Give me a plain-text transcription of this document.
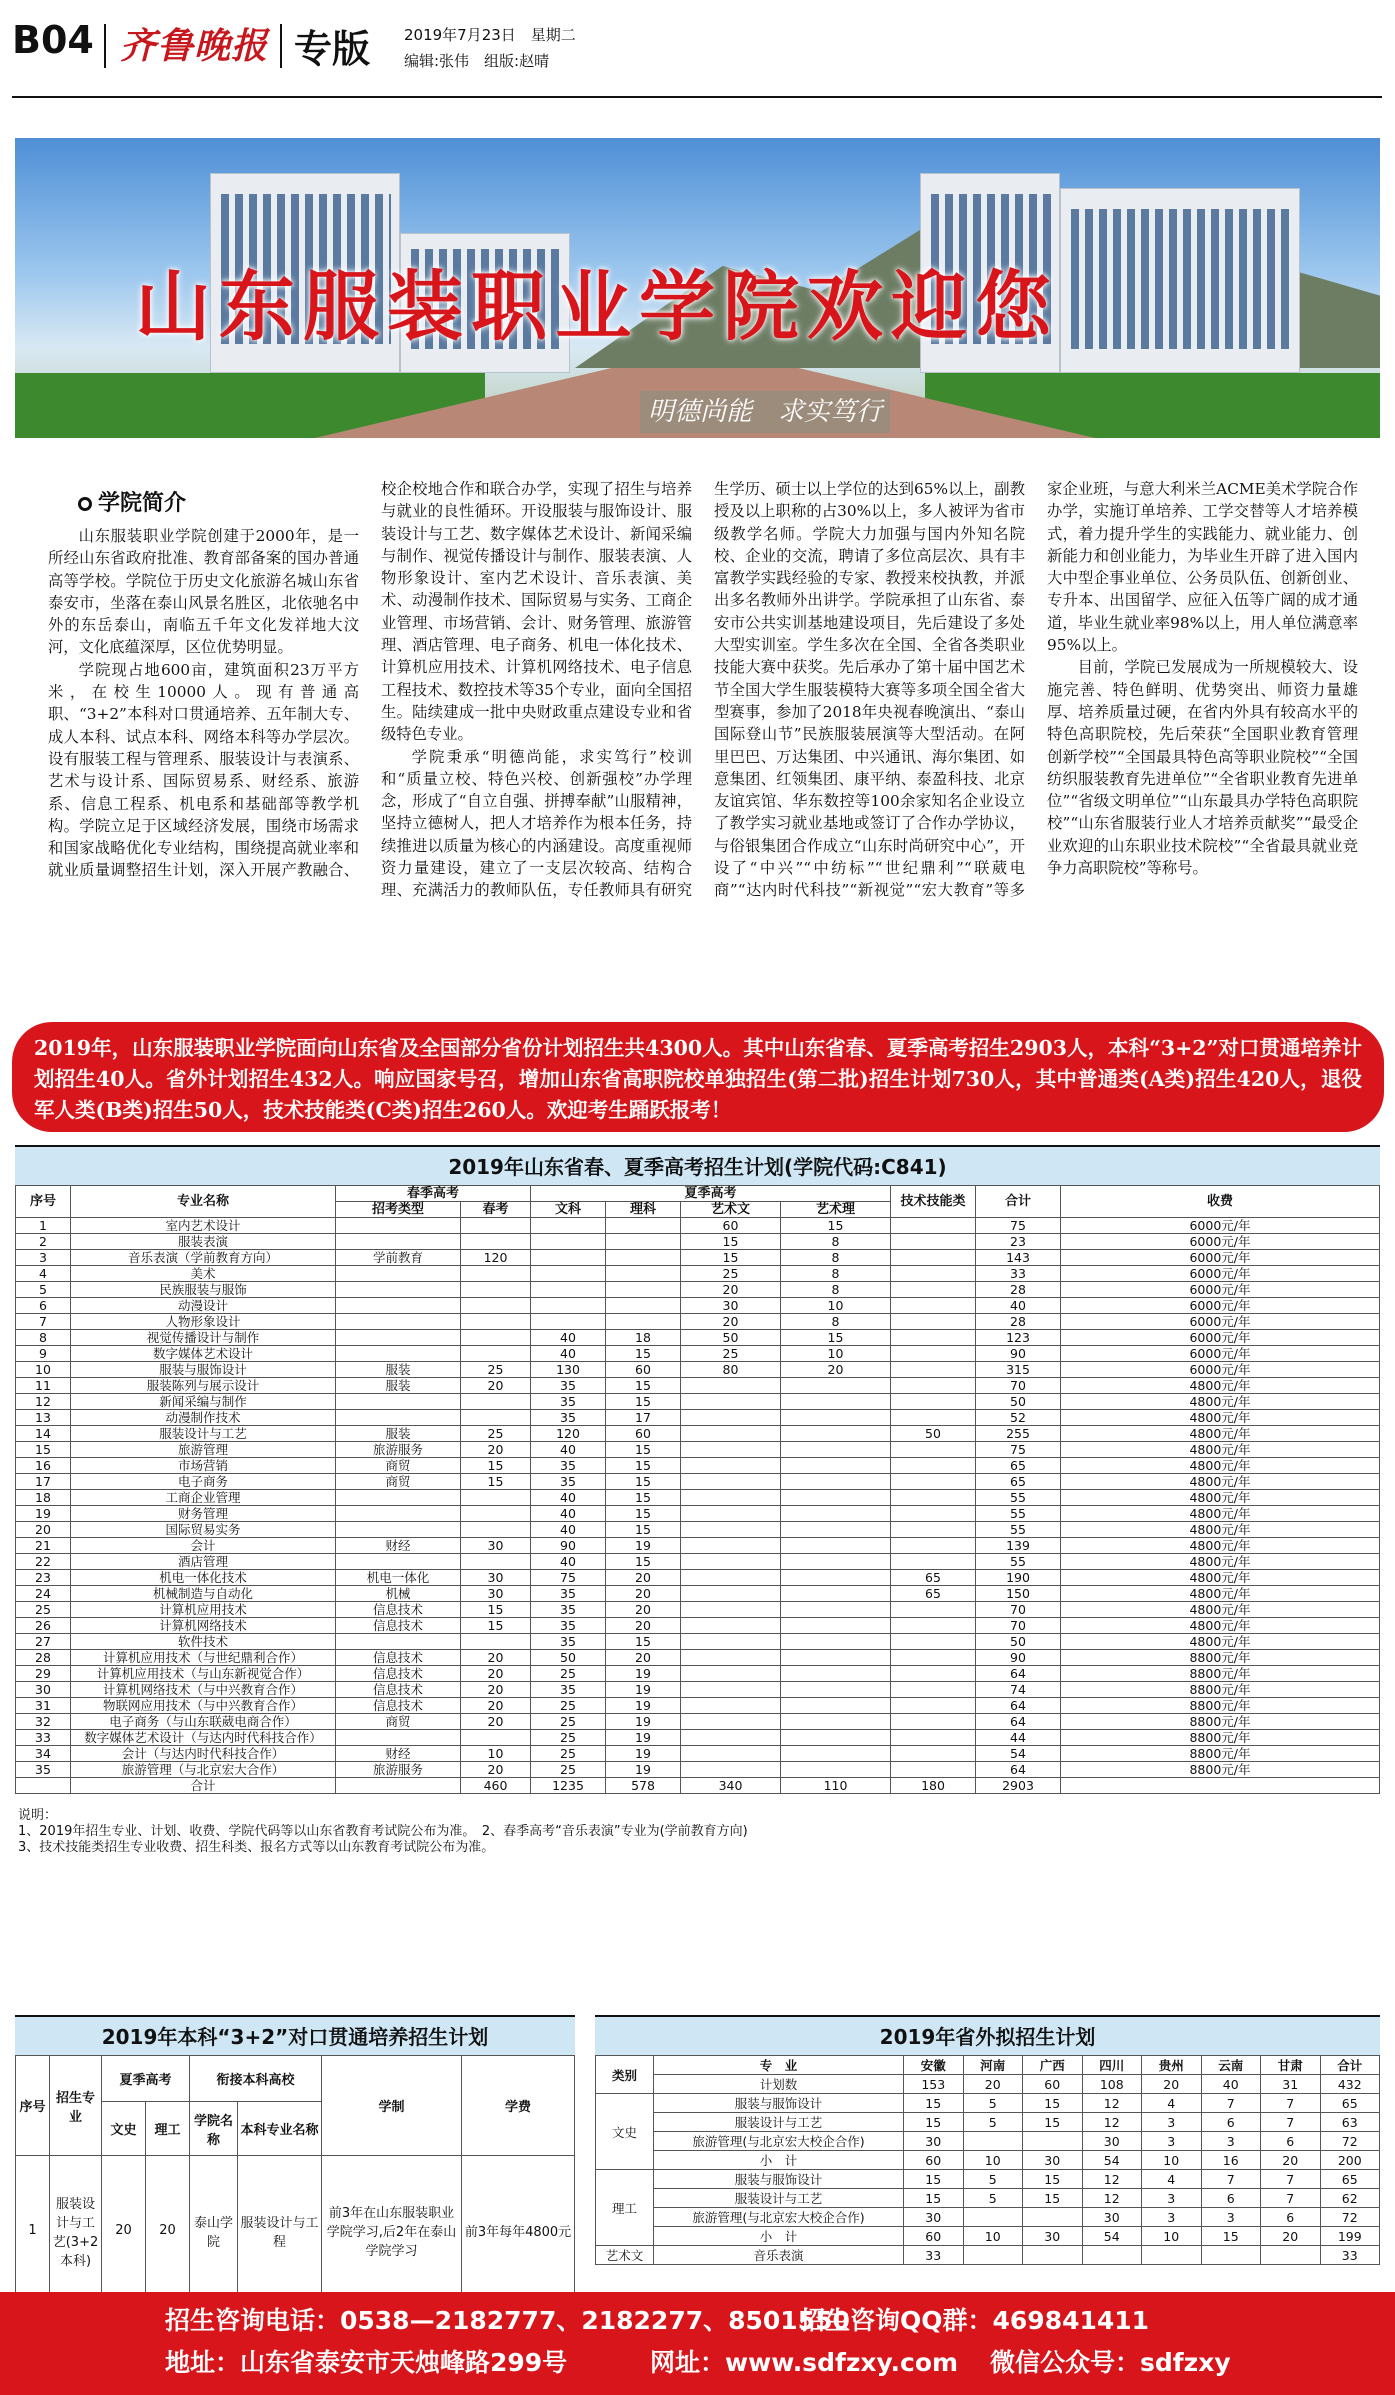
B04 齐鲁晚报 专版 2019年7月23日　星期二
编辑:张伟　组版:赵晴
山东服装职业学院欢迎您
明德尚能　求实笃行
学院简介

山东服装职业学院创建于2000年，是一所经山东省政府批准、教育部备案的国办普通高等学校。学院位于历史文化旅游名城山东省泰安市，坐落在泰山风景名胜区，北依驰名中外的东岳泰山，南临五千年文化发祥地大汶河，文化底蕴深厚，区位优势明显。

学院现占地600亩，建筑面积23万平方米，在校生10000人。现有普通高职、“3+2”本科对口贯通培养、五年制大专、成人本科、试点本科、网络本科等办学层次。设有服装工程与管理系、服装设计与表演系、艺术与设计系、国际贸易系、财经系、旅游系、信息工程系、机电系和基础部等教学机构。学院立足于区域经济发展，围绕市场需求和国家战略优化专业结构，围绕提高就业率和就业质量调整招生计划，深入开展产教融合、校企校地合作和联合办学，实现了招生与培养与就业的良性循环。开设服装与服饰设计、服装设计与工艺、数字媒体艺术设计、新闻采编与制作、视觉传播设计与制作、服装表演、人物形象设计、室内艺术设计、音乐表演、美术、动漫制作技术、国际贸易与实务、工商企业管理、市场营销、会计、财务管理、旅游管理、酒店管理、电子商务、机电一体化技术、计算机应用技术、计算机网络技术、电子信息工程技术、数控技术等35个专业，面向全国招生。陆续建成一批中央财政重点建设专业和省级特色专业。

学院秉承“明德尚能，求实笃行”校训和“质量立校、特色兴校、创新强校”办学理念，形成了“自立自强、拼搏奉献”山服精神，坚持立德树人，把人才培养作为根本任务，持续推进以质量为核心的内涵建设。高度重视师资力量建设，建立了一支层次较高、结构合理、充满活力的教师队伍，专任教师具有研究生学历、硕士以上学位的达到65%以上，副教授及以上职称的占30%以上，多人被评为省市级教学名师。学院大力加强与国内外知名院校、企业的交流，聘请了多位高层次、具有丰富教学实践经验的专家、教授来校执教，并派出多名教师外出讲学。学院承担了山东省、泰安市公共实训基地建设项目，先后建设了多处大型实训室。学生多次在全国、全省各类职业技能大赛中获奖。先后承办了第十届中国艺术节全国大学生服装模特大赛等多项全国全省大型赛事，参加了2018年央视春晚演出、“泰山国际登山节”民族服装展演等大型活动。在阿里巴巴、万达集团、中兴通讯、海尔集团、如意集团、红领集团、康平纳、泰盈科技、北京友谊宾馆、华东数控等100余家知名企业设立了教学实习就业基地或签订了合作办学协议，与俗银集团合作成立“山东时尚研究中心”，开设了“中兴”“中纺标”“世纪鼎利”“联葳电商”“达内时代科技”“新视觉”“宏大教育”等多家企业班，与意大利米兰ACME美术学院合作办学，实施订单培养、工学交替等人才培养模式，着力提升学生的实践能力、就业能力、创新能力和创业能力，为毕业生开辟了进入国内大中型企事业单位、公务员队伍、创新创业、专升本、出国留学、应征入伍等广阔的成才通道，毕业生就业率98%以上，用人单位满意率95%以上。

目前，学院已发展成为一所规模较大、设施完善、特色鲜明、优势突出、师资力量雄厚、培养质量过硬，在省内外具有较高水平的特色高职院校，先后荣获“全国职业教育管理创新学校”“全国最具特色高等职业院校”“全国纺织服装教育先进单位”“全省职业教育先进单位”“省级文明单位”“山东最具办学特色高职院校”“山东省服装行业人才培养贡献奖”“最受企业欢迎的山东职业技术院校”“全省最具就业竞争力高职院校”等称号。

2019年，山东服装职业学院面向山东省及全国部分省份计划招生共4300人。其中山东省春、夏季高考招生2903人，本科“3+2”对口贯通培养计划招生40人。省外计划招生432人。响应国家号召，增加山东省高职院校单独招生(第二批)招生计划730人，其中普通类(A类)招生420人，退役军人类(B类)招生50人，技术技能类(C类)招生260人。欢迎考生踊跃报考！
2019年山东省春、夏季高考招生计划(学院代码:C841)
序号	专业名称	春季高考		夏季高考				技术技能类	合计	收费
		招考类型	春考	文科	理科	艺术文	艺术理			
1	室内艺术设计					60	15		75	6000元/年
2	服装表演					15	8		23	6000元/年
3	音乐表演（学前教育方向）	学前教育	120			15	8		143	6000元/年
4	美术					25	8		33	6000元/年
5	民族服装与服饰					20	8		28	6000元/年
6	动漫设计					30	10		40	6000元/年
7	人物形象设计					20	8		28	6000元/年
8	视觉传播设计与制作			40	18	50	15		123	6000元/年
9	数字媒体艺术设计			40	15	25	10		90	6000元/年
10	服装与服饰设计	服装	25	130	60	80	20		315	6000元/年
11	服装陈列与展示设计	服装	20	35	15				70	4800元/年
12	新闻采编与制作			35	15				50	4800元/年
13	动漫制作技术			35	17				52	4800元/年
14	服装设计与工艺	服装	25	120	60			50	255	4800元/年
15	旅游管理	旅游服务	20	40	15				75	4800元/年
16	市场营销	商贸	15	35	15				65	4800元/年
17	电子商务	商贸	15	35	15				65	4800元/年
18	工商企业管理			40	15				55	4800元/年
19	财务管理			40	15				55	4800元/年
20	国际贸易实务			40	15				55	4800元/年
21	会计	财经	30	90	19				139	4800元/年
22	酒店管理			40	15				55	4800元/年
23	机电一体化技术	机电一体化	30	75	20			65	190	4800元/年
24	机械制造与自动化	机械	30	35	20			65	150	4800元/年
25	计算机应用技术	信息技术	15	35	20				70	4800元/年
26	计算机网络技术	信息技术	15	35	20				70	4800元/年
27	软件技术			35	15				50	4800元/年
28	计算机应用技术（与世纪鼎利合作）	信息技术	20	50	20				90	8800元/年
29	计算机应用技术（与山东新视觉合作）	信息技术	20	25	19				64	8800元/年
30	计算机网络技术（与中兴教育合作）	信息技术	20	35	19				74	8800元/年
31	物联网应用技术（与中兴教育合作）	信息技术	20	25	19				64	8800元/年
32	电子商务（与山东联葳电商合作）	商贸	20	25	19				64	8800元/年
33	数字媒体艺术设计（与达内时代科技合作）			25	19				44	8800元/年
34	会计（与达内时代科技合作）	财经	10	25	19				54	8800元/年
35	旅游管理（与北京宏大合作）	旅游服务	20	25	19				64	8800元/年
	合计		460	1235	578	340	110	180	2903	
说明：
1、2019年招生专业、计划、收费、学院代码等以山东省教育考试院公布为准。　2、春季高考“音乐表演”专业为(学前教育方向)
3、技术技能类招生专业收费、招生科类、报名方式等以山东教育考试院公布为准。
2019年本科“3+2”对口贯通培养招生计划
序号	招生专业	夏季高考		衔接本科高校		学制	学费
		文史	理工	学院名称	本科专业名称		
1	服装设计与工艺(3+2本科)	20	20	泰山学院	服装设计与工程	前3年在山东服装职业学院学习,后2年在泰山学院学习	前3年每年4800元
2019年省外拟招生计划
类别	专　业	安徽	河南	广西	四川	贵州	云南	甘肃	合计
	计划数	153	20	60	108	20	40	31	432
文史	服装与服饰设计	15	5	15	12	4	7	7	65
	服装设计与工艺	15	5	15	12	3	6	7	63
	旅游管理(与北京宏大校企合作)	30			30	3	3	6	72
	小　计	60	10	30	54	10	16	20	200
理工	服装与服饰设计	15	5	15	12	4	7	7	65
	服装设计与工艺	15	5	15	12	3	6	7	62
	旅游管理(与北京宏大校企合作)	30			30	3	3	6	72
	小　计	60	10	30	54	10	15	20	199
艺术文	音乐表演	33							33
招生咨询电话：0538—2182777、2182277、8501550
招生咨询QQ群：469841411
地址：山东省泰安市天烛峰路299号	网址：www.sdfzxy.com 微信公众号：sdfzxy
